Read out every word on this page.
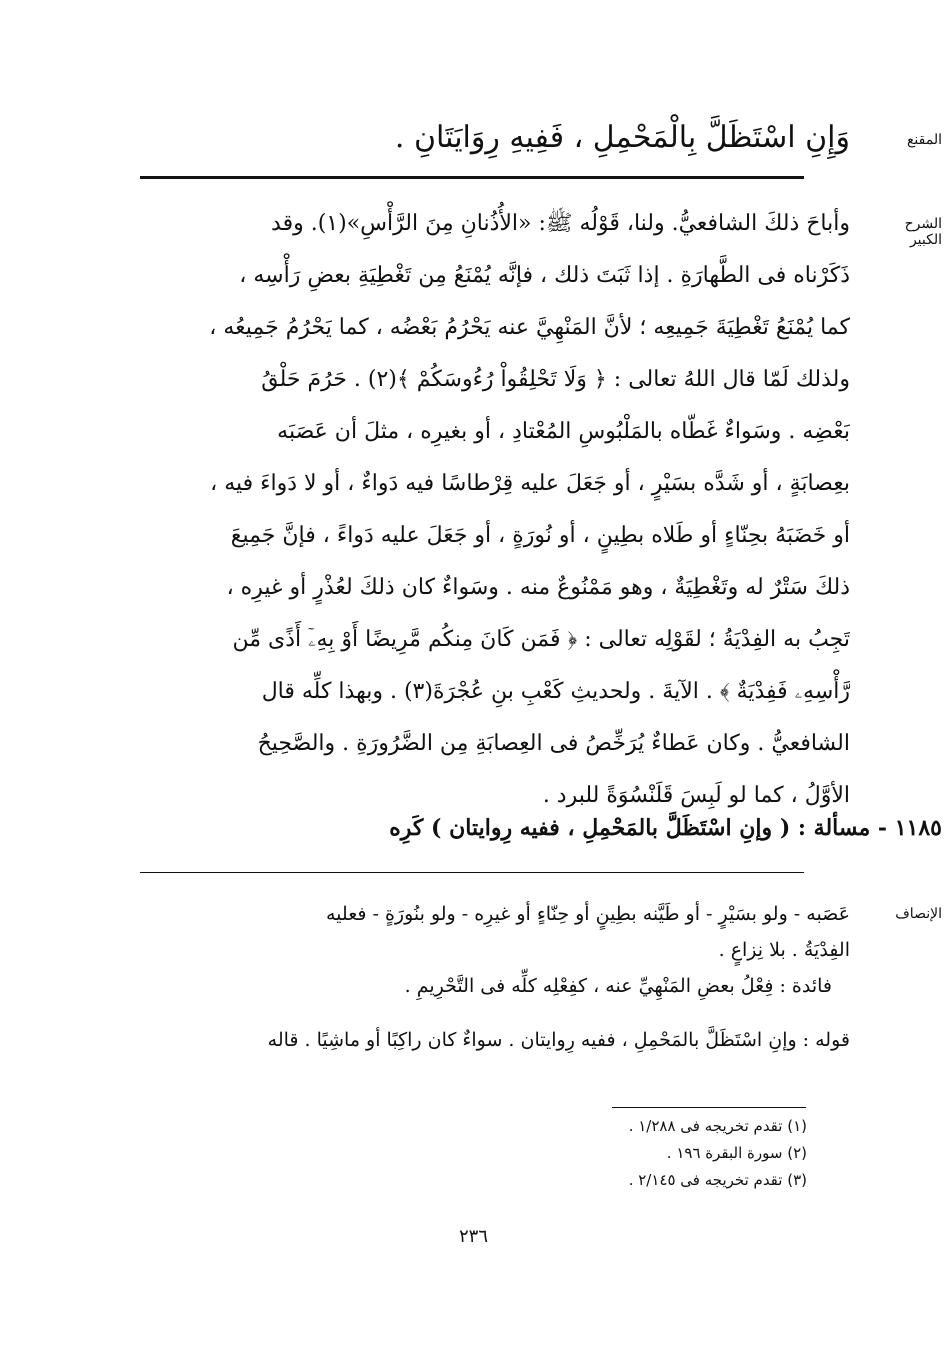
المقنع
وَإِنِ اسْتَظَلَّ بِالْمَحْمِلِ ، فَفِيهِ رِوَايَتَانِ .
الشرح الكبير
وأباحَ ذلكَ الشافعيُّ. ولنا، قَوْلُه ﷺ: «الأُذُنانِ مِنَ الرَّأْسِ»(١). وقد
ذَكَرْناه فى الطَّهارَةِ . إذا ثَبَتَ ذلك ، فإنَّه يُمْنَعُ مِن تَغْطِيَةِ بعضِ رَأْسِه ،
كما يُمْنَعُ تَغْطِيَةَ جَمِيعِه ؛ لأنَّ المَنْهِيَّ عنه يَحْرُمُ بَعْضُه ، كما يَحْرُمُ جَمِيعُه ،
ولذلك لَمّا قال اللهُ تعالى : ﴿ وَلَا تَحْلِقُواْ رُءُوسَكُمْ ﴾(٢) . حَرُمَ حَلْقُ
بَعْضِه . وسَواءٌ غَطّاه بالمَلْبُوسِ المُعْتادِ ، أو بغيرِه ، مثلَ أن عَصَبَه
بعِصابَةٍ ، أو شَدَّه بسَيْرٍ ، أو جَعَلَ عليه قِرْطاسًا فيه دَواءٌ ، أو لا دَواءَ فيه ،
أو خَضَبَهُ بحِنّاءٍ أو طَلاه بطِينٍ ، أو نُورَةٍ ، أو جَعَلَ عليه دَواءً ، فإنَّ جَمِيعَ
ذلكَ سَتْرٌ له وتَغْطِيَةٌ ، وهو مَمْنُوعٌ منه . وسَواءٌ كان ذلكَ لعُذْرٍ أو غيرِه ،
تَجِبُ به الفِدْيَةُ ؛ لقَوْلِه تعالى : ﴿ فَمَن كَانَ مِنكُم مَّرِيضًا أَوْ بِهِۦٓ أَذًى مِّن
رَّأْسِهِۦ فَفِدْيَةٌ ﴾ . الآيةَ . ولحديثِ كَعْبِ بنِ عُجْرَةَ(٣) . وبهذا كلِّه قال
الشافعيُّ . وكان عَطاءٌ يُرَخِّصُ فى العِصابَةِ مِن الضَّرُورَةِ . والصَّحِيحُ
الأوَّلُ ، كما لو لَبِسَ قَلَنْسُوَةً للبرد .
١١٨٥ - مسألة : ( وإنِ اسْتَظَلَّ بالمَحْمِلِ ، ففيه رِوايتان ) كَرِه
الإنصاف
عَصَبه - ولو بسَيْرٍ - أو طَيَّنه بطِينٍ أو حِنّاءٍ أو غيرِه - ولو بنُورَةٍ - فعليه
الفِدْيَةُ . بلا نِزاعٍ .
فائدة : فِعْلُ بعضِ المَنْهِيِّ عنه ، كفِعْلِه كلِّه فى التَّحْرِيمِ .
قوله : وإنِ اسْتَظَلَّ بالمَحْمِلِ ، ففيه رِوايتان . سواءٌ كان راكِبًا أو ماشِيًا . قاله
(١) تقدم تخريجه فى ١/٢٨٨ .
(٢) سورة البقرة ١٩٦ .
(٣) تقدم تخريجه فى ٢/١٤٥ .
٢٣٦
